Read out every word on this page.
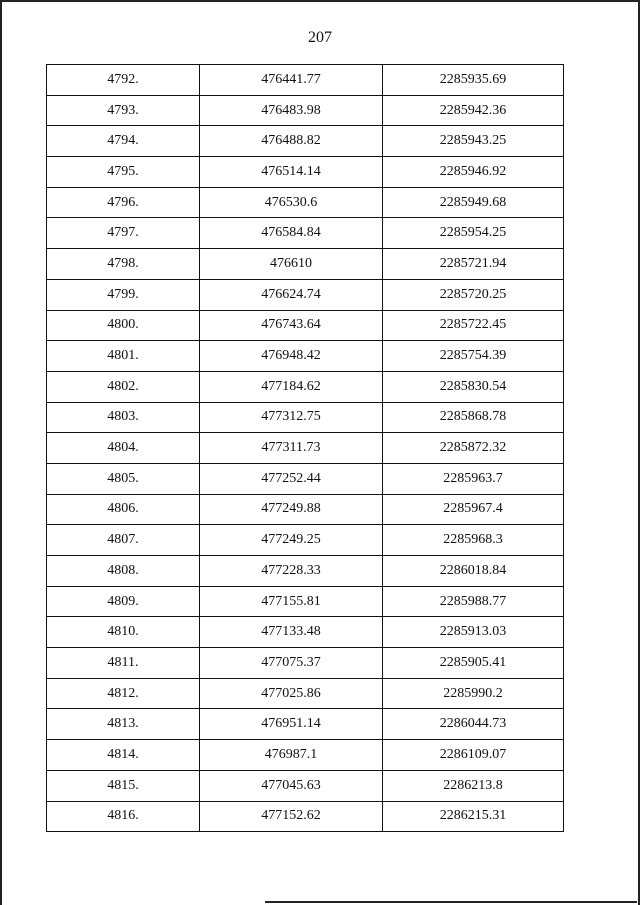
207
4792.	476441.77	2285935.69
4793.	476483.98	2285942.36
4794.	476488.82	2285943.25
4795.	476514.14	2285946.92
4796.	476530.6	2285949.68
4797.	476584.84	2285954.25
4798.	476610	2285721.94
4799.	476624.74	2285720.25
4800.	476743.64	2285722.45
4801.	476948.42	2285754.39
4802.	477184.62	2285830.54
4803.	477312.75	2285868.78
4804.	477311.73	2285872.32
4805.	477252.44	2285963.7
4806.	477249.88	2285967.4
4807.	477249.25	2285968.3
4808.	477228.33	2286018.84
4809.	477155.81	2285988.77
4810.	477133.48	2285913.03
4811.	477075.37	2285905.41
4812.	477025.86	2285990.2
4813.	476951.14	2286044.73
4814.	476987.1	2286109.07
4815.	477045.63	2286213.8
4816.	477152.62	2286215.31
